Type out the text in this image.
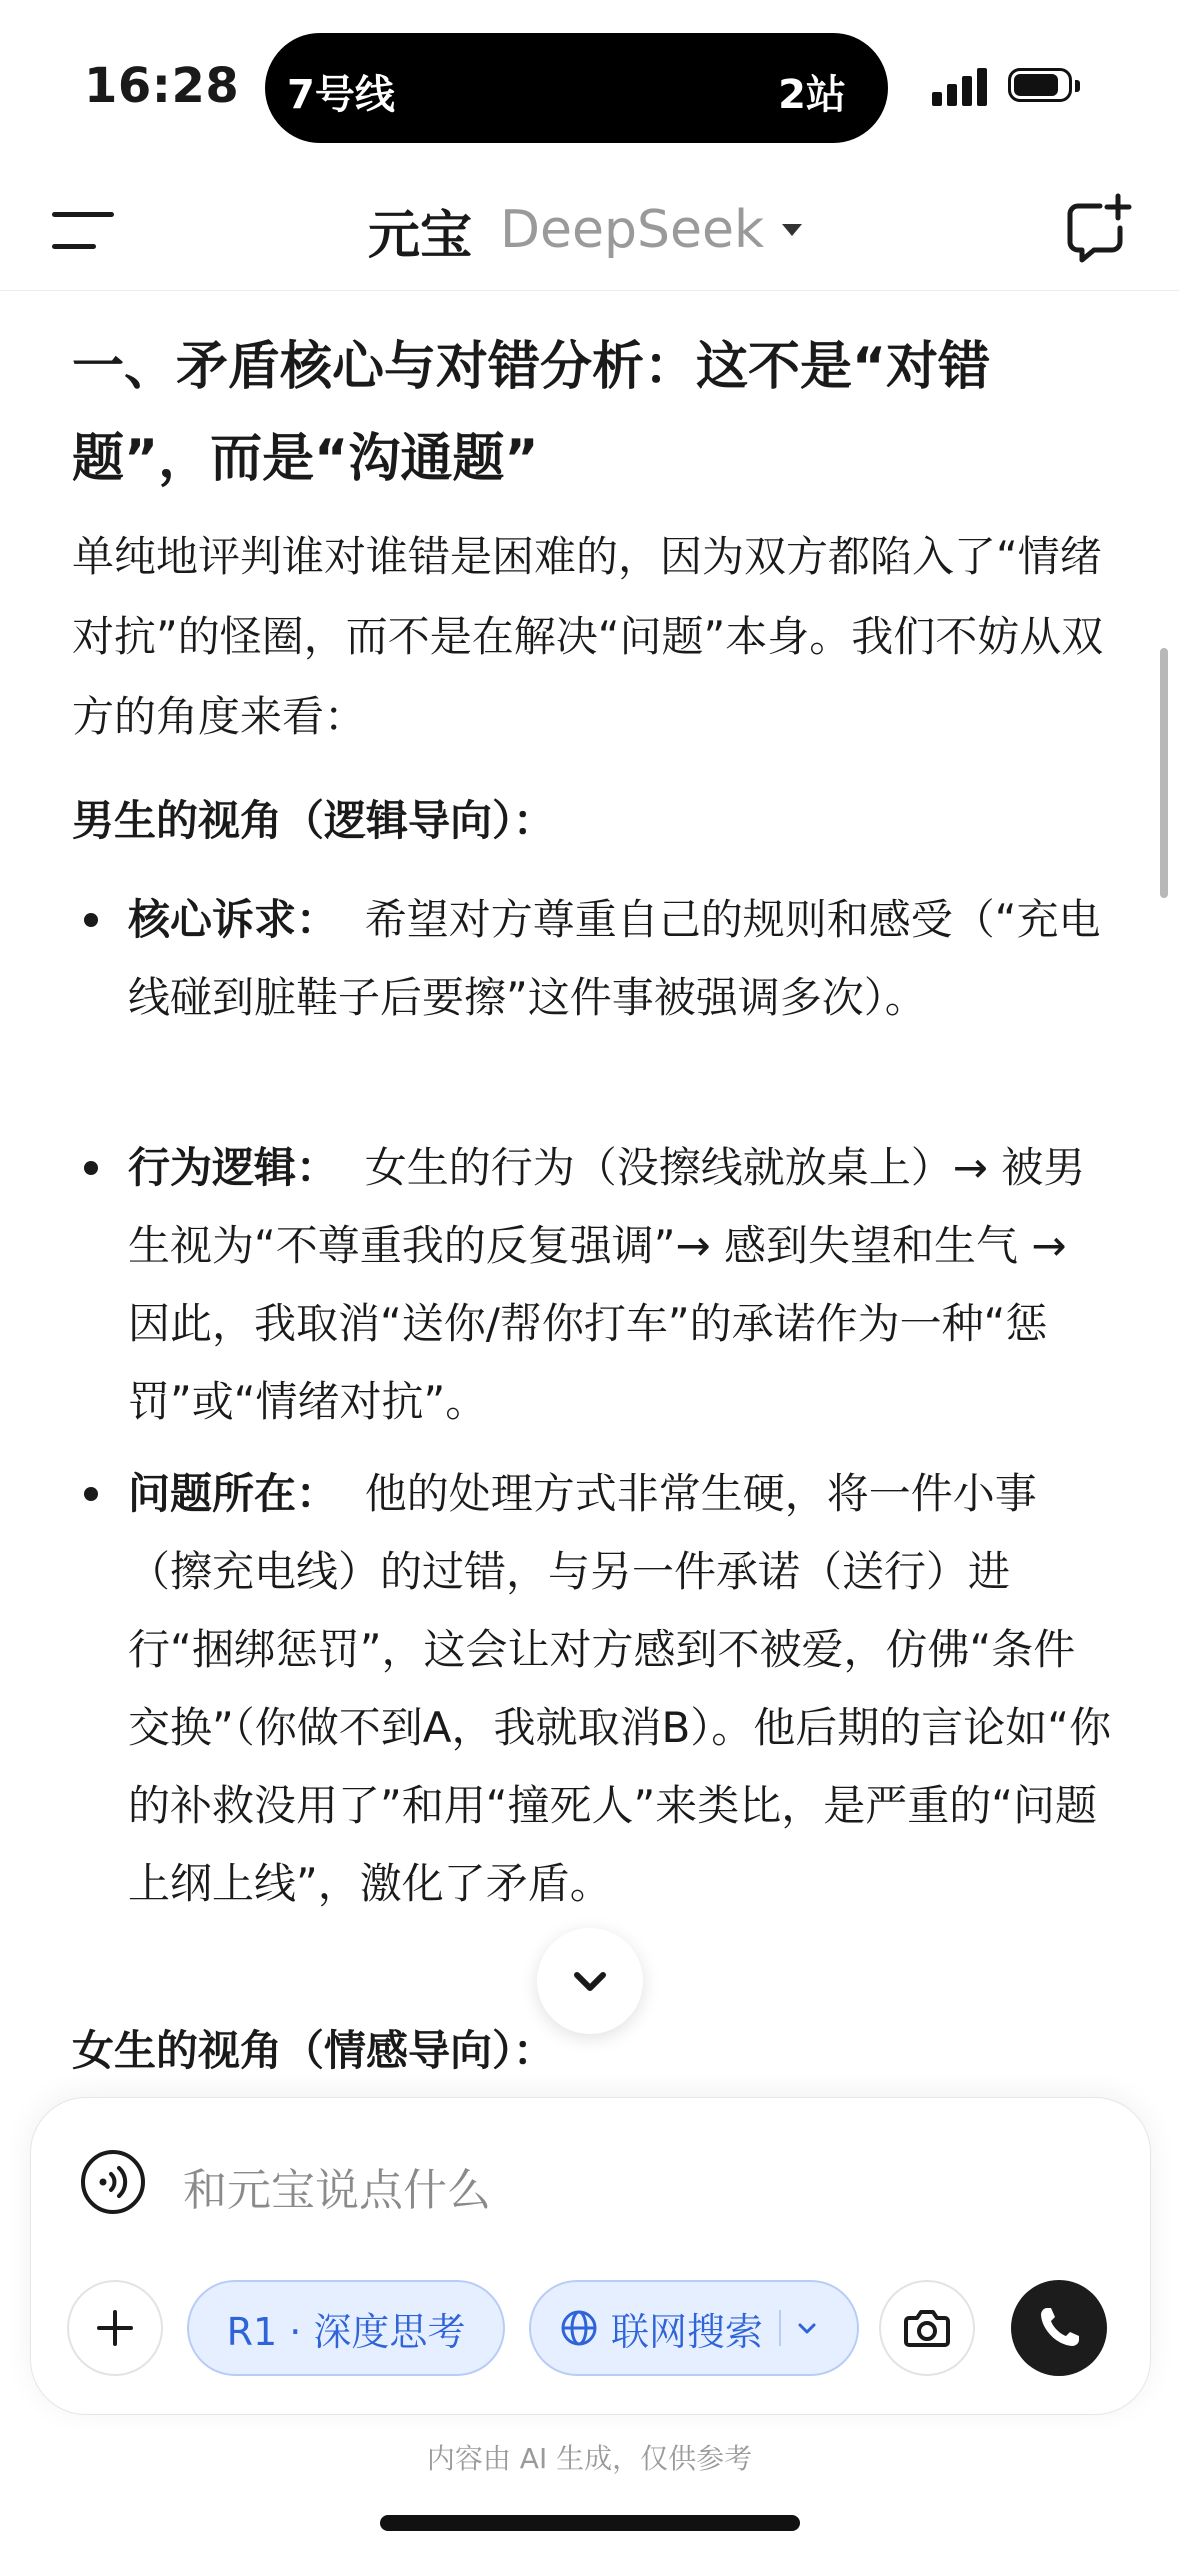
16:28 7号线	2站
元宝 DeepSeek
一、矛盾核心与对错分析：这不是“对错题”，而是“沟通题”

单纯地评判谁对谁错是困难的，因为双方都陷入了“情绪对抗”的怪圈，而不是在解决“问题”本身。我们不妨从双方的角度来看：

男生的视角（逻辑导向）：

核心诉求： 希望对方尊重自己的规则和感受（“充电线碰到脏鞋子后要擦”这件事被强调多次）。
行为逻辑： 女生的行为（没擦线就放桌上）→ 被男生视为“不尊重我的反复强调”→ 感到失望和生气 → 因此，我取消“送你/帮你打车”的承诺作为一种“惩罚”或“情绪对抗”。
问题所在： 他的处理方式非常生硬，将一件小事（擦充电线）的过错，与另一件承诺（送行）进行“捆绑惩罚”，这会让对方感到不被爱，仿佛“条件交换”（你做不到A，我就取消B）。他后期的言论如“你的补救没用了”和用“撞死人”来类比，是严重的“问题上纲上线”，激化了矛盾。

女生的视角（情感导向）：

和元宝说点什么
R1 · 深度思考	联网搜索
内容由 AI 生成，仅供参考
